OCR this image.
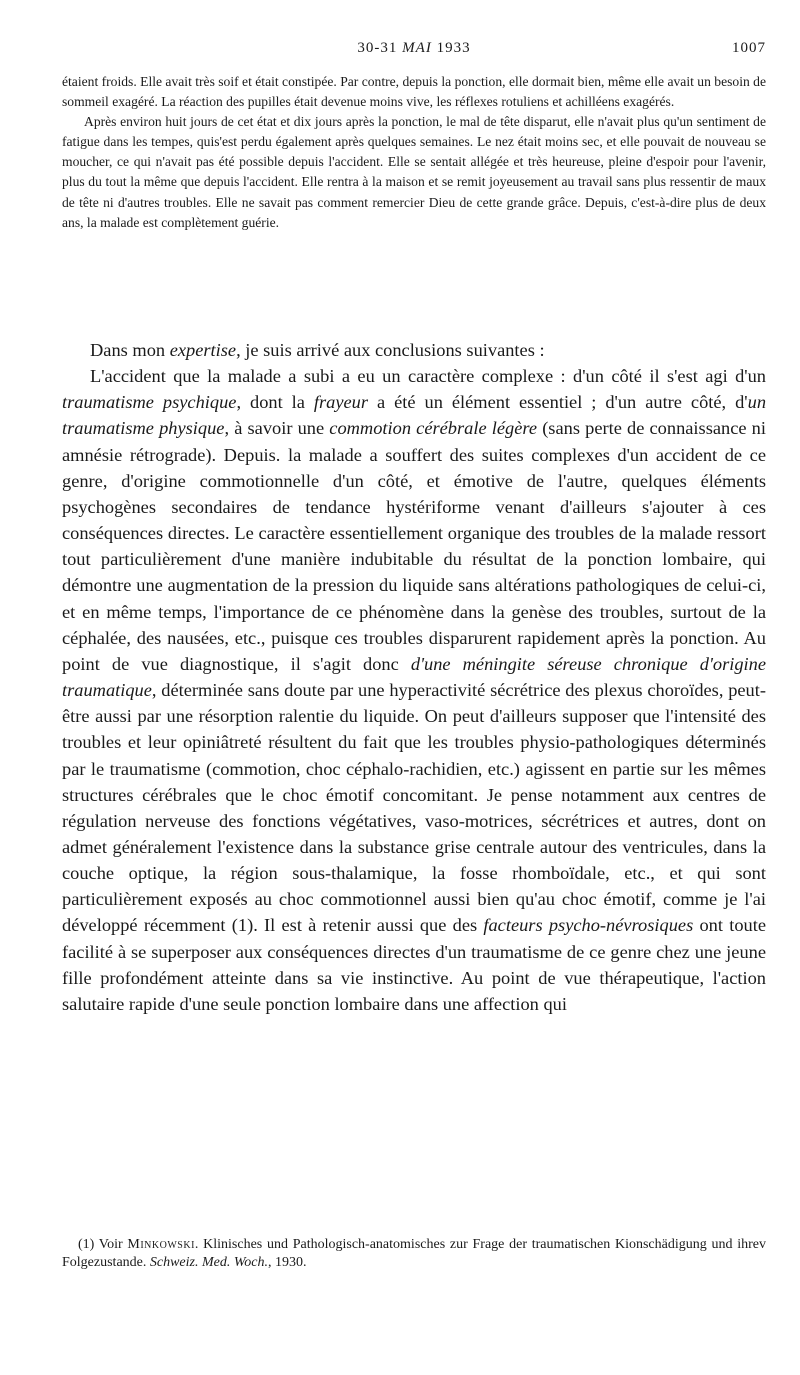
30-31 MAI 1933	1007

étaient froids. Elle avait très soif et était constipée. Par contre, depuis la ponction, elle dormait bien, même elle avait un besoin de sommeil exagéré. La réaction des pupilles était devenue moins vive, les réflexes rotuliens et achilléens exagérés.

Après environ huit jours de cet état et dix jours après la ponction, le mal de tête disparut, elle n'avait plus qu'un sentiment de fatigue dans les tempes, quis'est perdu également après quelques semaines. Le nez était moins sec, et elle pouvait de nouveau se moucher, ce qui n'avait pas été possible depuis l'accident. Elle se sentait allégée et très heureuse, pleine d'espoir pour l'avenir, plus du tout la même que depuis l'accident. Elle rentra à la maison et se remit joyeusement au travail sans plus ressentir de maux de tête ni d'autres troubles. Elle ne savait pas comment remercier Dieu de cette grande grâce. Depuis, c'est-à-dire plus de deux ans, la malade est complètement guérie.

Dans mon expertise, je suis arrivé aux conclusions suivantes :

L'accident que la malade a subi a eu un caractère complexe : d'un côté il s'est agi d'un traumatisme psychique, dont la frayeur a été un élément essentiel ; d'un autre côté, d'un traumatisme physique, à savoir une commotion cérébrale légère (sans perte de connaissance ni amnésie rétrograde). Depuis. la malade a souffert des suites complexes d'un accident de ce genre, d'origine commotionnelle d'un côté, et émotive de l'autre, quelques éléments psychogènes secondaires de tendance hystériforme venant d'ailleurs s'ajouter à ces conséquences directes. Le caractère essentiellement organique des troubles de la malade ressort tout particulièrement d'une manière indubitable du résultat de la ponction lombaire, qui démontre une augmentation de la pression du liquide sans altérations pathologiques de celui-ci, et en même temps, l'importance de ce phénomène dans la genèse des troubles, surtout de la céphalée, des nausées, etc., puisque ces troubles disparurent rapidement après la ponction. Au point de vue diagnostique, il s'agit donc d'une méningite séreuse chronique d'origine traumatique, déterminée sans doute par une hyperactivité sécrétrice des plexus choroïdes, peut-être aussi par une résorption ralentie du liquide. On peut d'ailleurs supposer que l'intensité des troubles et leur opiniâtreté résultent du fait que les troubles physio-pathologiques déterminés par le traumatisme (commotion, choc céphalo-rachidien, etc.) agissent en partie sur les mêmes structures cérébrales que le choc émotif concomitant. Je pense notamment aux centres de régulation nerveuse des fonctions végétatives, vaso-motrices, sécrétrices et autres, dont on admet généralement l'existence dans la substance grise centrale autour des ventricules, dans la couche optique, la région sous-thalamique, la fosse rhomboïdale, etc., et qui sont particulièrement exposés au choc commotionnel aussi bien qu'au choc émotif, comme je l'ai développé récemment (1). Il est à retenir aussi que des facteurs psycho-névrosiques ont toute facilité à se superposer aux conséquences directes d'un traumatisme de ce genre chez une jeune fille profondément atteinte dans sa vie instinctive. Au point de vue thérapeutique, l'action salutaire rapide d'une seule ponction lombaire dans une affection qui

(1) Voir Minkowski. Klinisches und Pathologisch-anatomisches zur Frage der traumatischen Kionschädigung und ihrev Folgezustande. Schweiz. Med. Woch., 1930.
